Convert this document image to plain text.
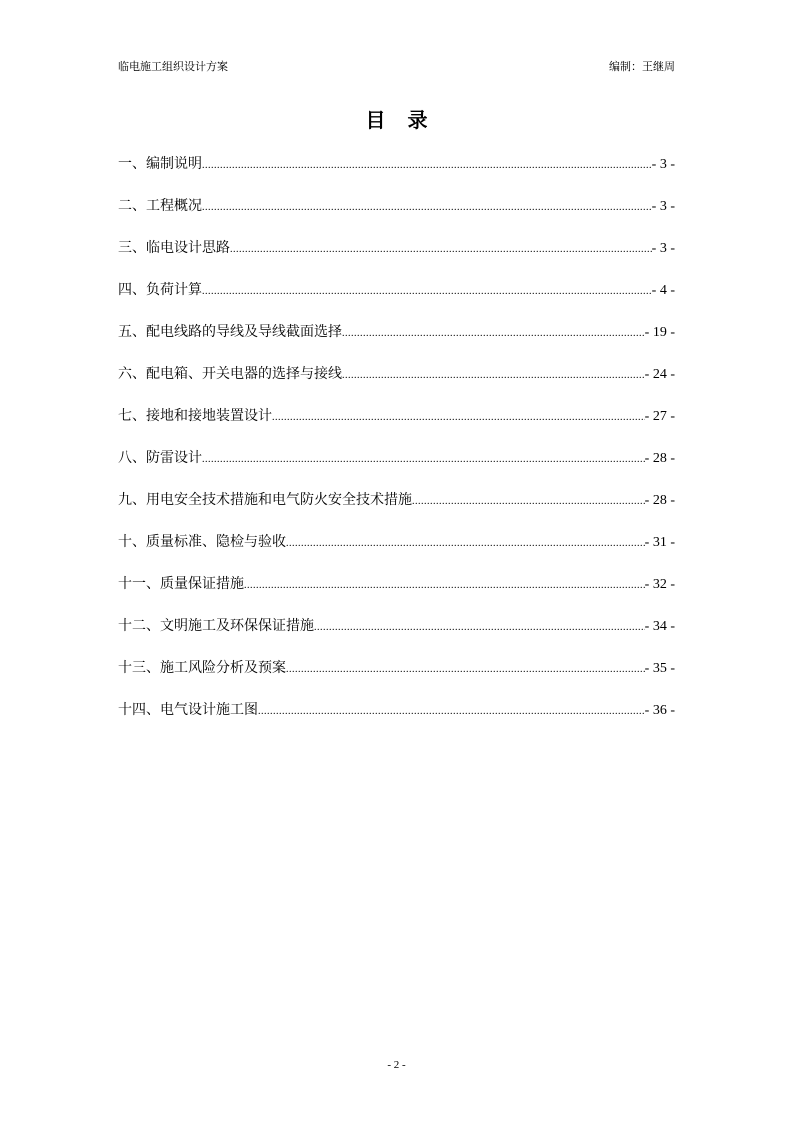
临电施工组织设计方案	编制：王继周
目录
一、编制说明 .....	- 3 -
二、工程概况 .....	- 3 -
三、临电设计思路 .....	- 3 -
四、负荷计算 .....	- 4 -
五、配电线路的导线及导线截面选择 .....	- 19 -
六、配电箱、开关电器的选择与接线 .....	- 24 -
七、接地和接地装置设计 .....	- 27 -
八、防雷设计 .....	- 28 -
九、用电安全技术措施和电气防火安全技术措施 .....	- 28 -
十、质量标准、隐检与验收 .....	- 31 -
十一、质量保证措施 .....	- 32 -
十二、文明施工及环保保证措施 .....	- 34 -
十三、施工风险分析及预案 .....	- 35 -
十四、电气设计施工图 .....	- 36 -
- 2 -
